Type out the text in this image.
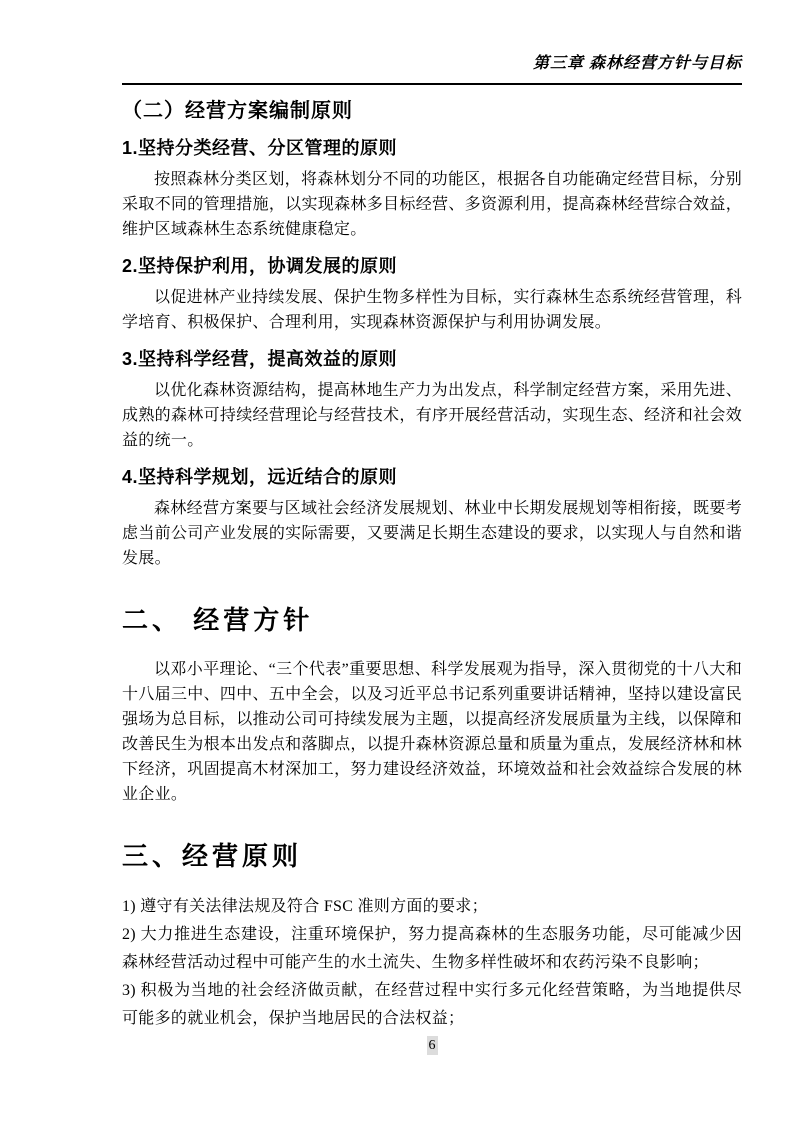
第三章 森林经营方针与目标
（二）经营方案编制原则
1.坚持分类经营、分区管理的原则

按照森林分类区划，将森林划分不同的功能区，根据各自功能确定经营目标，分别采取不同的管理措施，以实现森林多目标经营、多资源利用，提高森林经营综合效益，维护区域森林生态系统健康稳定。

2.坚持保护利用，协调发展的原则

以促进林产业持续发展、保护生物多样性为目标，实行森林生态系统经营管理，科学培育、积极保护、合理利用，实现森林资源保护与利用协调发展。

3.坚持科学经营，提高效益的原则

以优化森林资源结构，提高林地生产力为出发点，科学制定经营方案，采用先进、成熟的森林可持续经营理论与经营技术，有序开展经营活动，实现生态、经济和社会效益的统一。

4.坚持科学规划，远近结合的原则

森林经营方案要与区域社会经济发展规划、林业中长期发展规划等相衔接，既要考虑当前公司产业发展的实际需要，又要满足长期生态建设的要求，以实现人与自然和谐发展。

二、 经营方针

以邓小平理论、“三个代表”重要思想、科学发展观为指导，深入贯彻党的十八大和十八届三中、四中、五中全会，以及习近平总书记系列重要讲话精神，坚持以建设富民强场为总目标，以推动公司可持续发展为主题，以提高经济发展质量为主线，以保障和改善民生为根本出发点和落脚点，以提升森林资源总量和质量为重点，发展经济林和林下经济，巩固提高木材深加工，努力建设经济效益，环境效益和社会效益综合发展的林业企业。

三、经营原则

1) 遵守有关法律法规及符合 FSC 准则方面的要求；

2) 大力推进生态建设，注重环境保护，努力提高森林的生态服务功能，尽可能减少因森林经营活动过程中可能产生的水土流失、生物多样性破坏和农药污染不良影响；

3) 积极为当地的社会经济做贡献，在经营过程中实行多元化经营策略，为当地提供尽可能多的就业机会，保护当地居民的合法权益；

6
